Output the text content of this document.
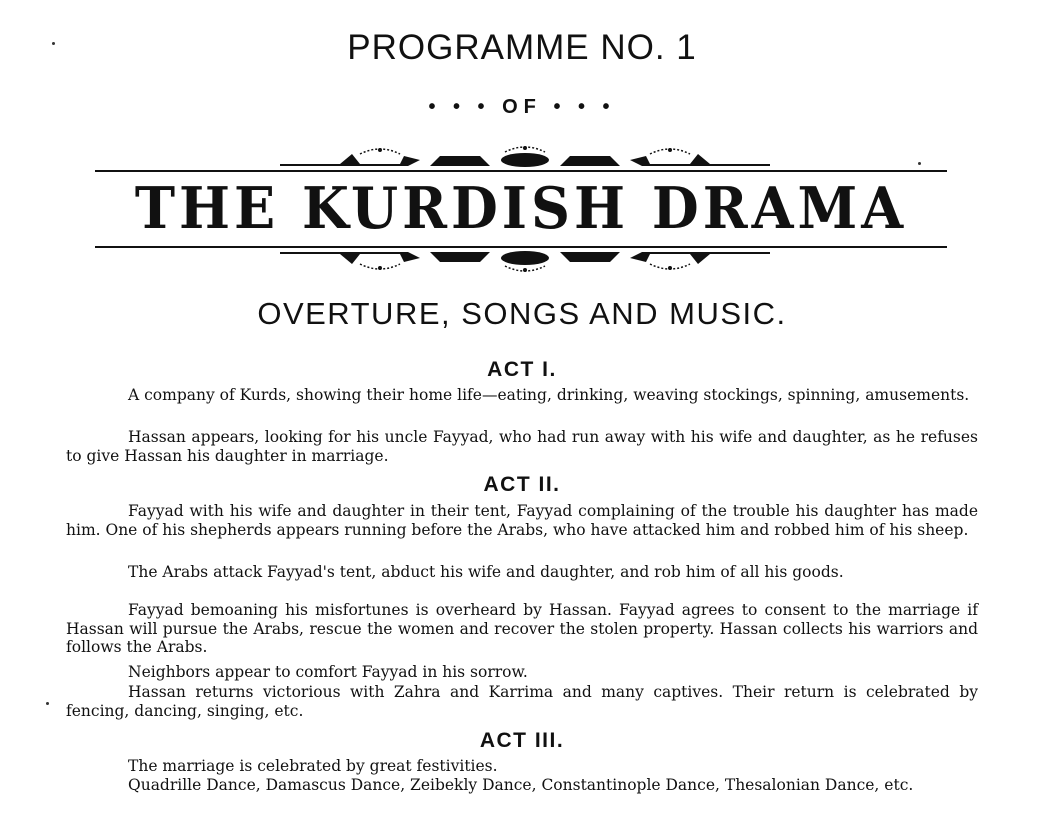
PROGRAMME NO. 1
• • • OF • • •
THE KURDISH DRAMA
OVERTURE, SONGS AND MUSIC.
ACT I.

A company of Kurds, showing their home life—eating, drinking, weaving stockings, spinning, amusements.

Hassan appears, looking for his uncle Fayyad, who had run away with his wife and daughter, as he refuses to give Hassan his daughter in marriage.

ACT II.

Fayyad with his wife and daughter in their tent, Fayyad complaining of the trouble his daughter has made him. One of his shepherds appears running before the Arabs, who have attacked him and robbed him of his sheep.

The Arabs attack Fayyad's tent, abduct his wife and daughter, and rob him of all his goods.

Fayyad bemoaning his misfortunes is overheard by Hassan. Fayyad agrees to consent to the marriage if Hassan will pursue the Arabs, rescue the women and recover the stolen property. Hassan collects his warriors and follows the Arabs.

Neighbors appear to comfort Fayyad in his sorrow.

Hassan returns victorious with Zahra and Karrima and many captives. Their return is celebrated by fencing, dancing, singing, etc.

ACT III.

The marriage is celebrated by great festivities.

Quadrille Dance, Damascus Dance, Zeibekly Dance, Constantinople Dance, Thesalonian Dance, etc.
